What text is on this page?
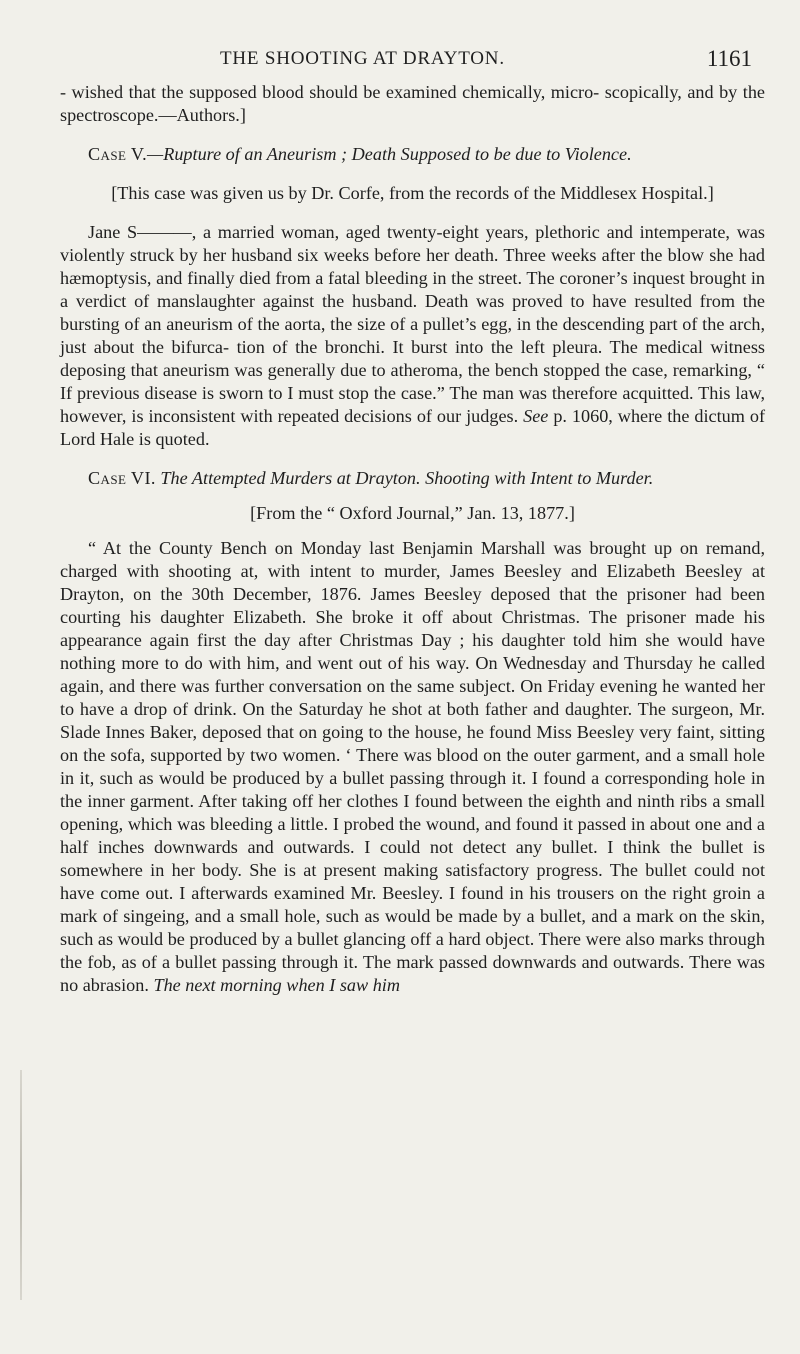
THE SHOOTING AT DRAYTON.	1161

- wished that the supposed blood should be examined chemically, micro- scopically, and by the spectroscope.—Authors.]

Case V.—Rupture of an Aneurism ; Death Supposed to be due to Violence.

[This case was given us by Dr. Corfe, from the records of the Middlesex Hospital.]

Jane S———, a married woman, aged twenty-eight years, plethoric and intemperate, was violently struck by her husband six weeks before her death. Three weeks after the blow she had hæmoptysis, and finally died from a fatal bleeding in the street. The coroner’s inquest brought in a verdict of manslaughter against the husband. Death was proved to have resulted from the bursting of an aneurism of the aorta, the size of a pullet’s egg, in the descending part of the arch, just about the bifurca- tion of the bronchi. It burst into the left pleura. The medical witness deposing that aneurism was generally due to atheroma, the bench stopped the case, remarking, “ If previous disease is sworn to I must stop the case.” The man was therefore acquitted. This law, however, is inconsistent with repeated decisions of our judges. See p. 1060, where the dictum of Lord Hale is quoted.

Case VI. The Attempted Murders at Drayton. Shooting with Intent to Murder.

[From the “ Oxford Journal,” Jan. 13, 1877.]

“ At the County Bench on Monday last Benjamin Marshall was brought up on remand, charged with shooting at, with intent to murder, James Beesley and Elizabeth Beesley at Drayton, on the 30th December, 1876. James Beesley deposed that the prisoner had been courting his daughter Elizabeth. She broke it off about Christmas. The prisoner made his appearance again first the day after Christmas Day ; his daughter told him she would have nothing more to do with him, and went out of his way. On Wednesday and Thursday he called again, and there was further conversation on the same subject. On Friday evening he wanted her to have a drop of drink. On the Saturday he shot at both father and daughter. The surgeon, Mr. Slade Innes Baker, deposed that on going to the house, he found Miss Beesley very faint, sitting on the sofa, supported by two women. ‘ There was blood on the outer garment, and a small hole in it, such as would be produced by a bullet passing through it. I found a corresponding hole in the inner garment. After taking off her clothes I found between the eighth and ninth ribs a small opening, which was bleeding a little. I probed the wound, and found it passed in about one and a half inches downwards and outwards. I could not detect any bullet. I think the bullet is somewhere in her body. She is at present making satisfactory progress. The bullet could not have come out. I afterwards examined Mr. Beesley. I found in his trousers on the right groin a mark of singeing, and a small hole, such as would be made by a bullet, and a mark on the skin, such as would be produced by a bullet glancing off a hard object. There were also marks through the fob, as of a bullet passing through it. The mark passed downwards and outwards. There was no abrasion. The next morning when I saw him
